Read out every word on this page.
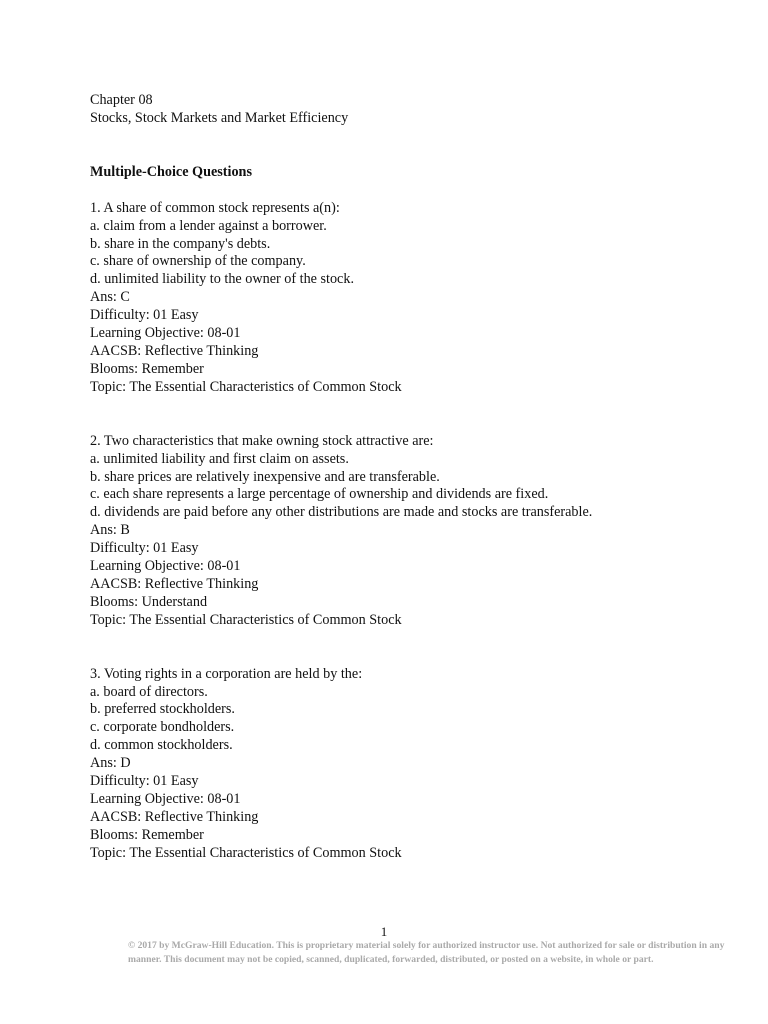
Chapter 08
Stocks, Stock Markets and Market Efficiency
Multiple-Choice Questions
1. A share of common stock represents a(n):
a. claim from a lender against a borrower.
b. share in the company's debts.
c. share of ownership of the company.
d. unlimited liability to the owner of the stock.
Ans: C
Difficulty: 01 Easy
Learning Objective: 08-01
AACSB: Reflective Thinking
Blooms: Remember
Topic: The Essential Characteristics of Common Stock
2. Two characteristics that make owning stock attractive are:
a. unlimited liability and first claim on assets.
b. share prices are relatively inexpensive and are transferable.
c. each share represents a large percentage of ownership and dividends are fixed.
d. dividends are paid before any other distributions are made and stocks are transferable.
Ans: B
Difficulty: 01 Easy
Learning Objective: 08-01
AACSB: Reflective Thinking
Blooms: Understand
Topic: The Essential Characteristics of Common Stock
3. Voting rights in a corporation are held by the:
a. board of directors.
b. preferred stockholders.
c. corporate bondholders.
d. common stockholders.
Ans: D
Difficulty: 01 Easy
Learning Objective: 08-01
AACSB: Reflective Thinking
Blooms: Remember
Topic: The Essential Characteristics of Common Stock
1
© 2017 by McGraw-Hill Education. This is proprietary material solely for authorized instructor use. Not authorized for sale or distribution in any
manner. This document may not be copied, scanned, duplicated, forwarded, distributed, or posted on a website, in whole or part.
